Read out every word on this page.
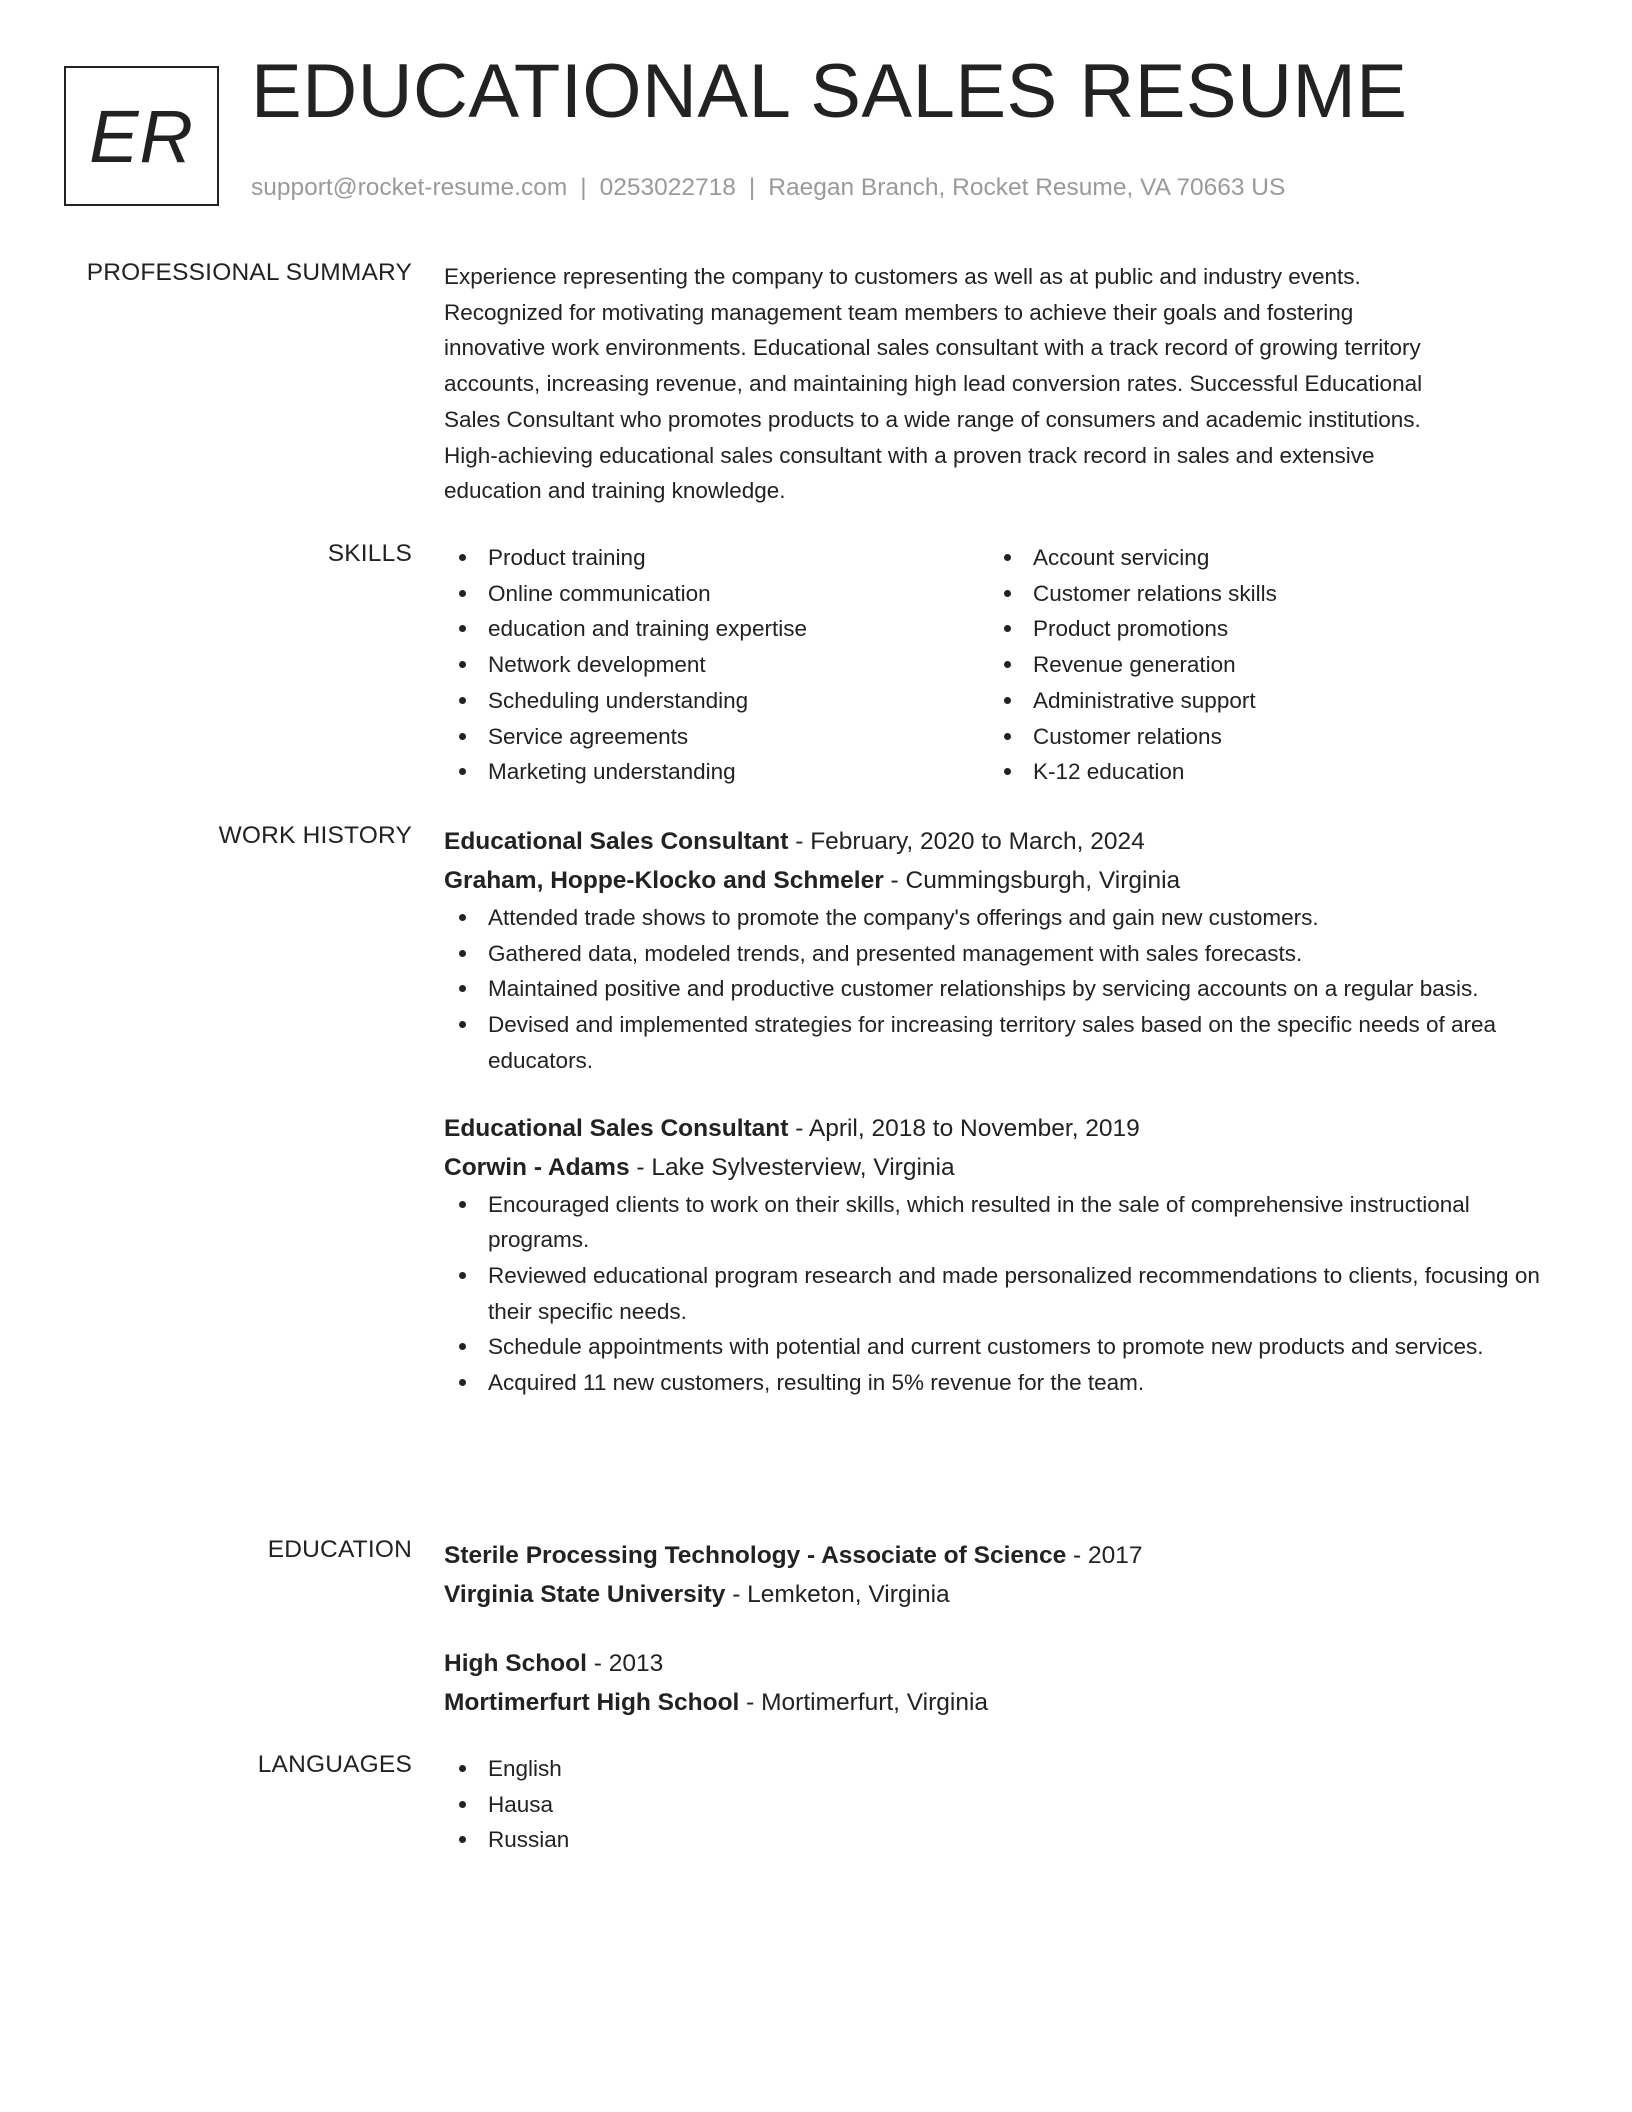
ER
EDUCATIONAL SALES RESUME
support@rocket-resume.com | 0253022718 | Raegan Branch, Rocket Resume, VA 70663 US
PROFESSIONAL SUMMARY Experience representing the company to customers as well as at public and industry events.
Recognized for motivating management team members to achieve their goals and fostering
innovative work environments. Educational sales consultant with a track record of growing territory
accounts, increasing revenue, and maintaining high lead conversion rates. Successful Educational
Sales Consultant who promotes products to a wide range of consumers and academic institutions.
High-achieving educational sales consultant with a proven track record in sales and extensive
education and training knowledge.
SKILLS	Product training
Online communication
education and training expertise
Network development
Scheduling understanding
Service agreements
Marketing understanding
Account servicing
Customer relations skills
Product promotions
Revenue generation
Administrative support
Customer relations
K-12 education
WORK HISTORY Educational Sales Consultant - February, 2020 to March, 2024
Graham, Hoppe-Klocko and Schmeler - Cummingsburgh, Virginia
Attended trade shows to promote the company's offerings and gain new customers.
Gathered data, modeled trends, and presented management with sales forecasts.
Maintained positive and productive customer relationships by servicing accounts on a regular basis.
Devised and implemented strategies for increasing territory sales based on the specific needs of area educators.
Educational Sales Consultant - April, 2018 to November, 2019
Corwin - Adams - Lake Sylvesterview, Virginia
Encouraged clients to work on their skills, which resulted in the sale of comprehensive instructional programs.
Reviewed educational program research and made personalized recommendations to clients, focusing on their specific needs.
Schedule appointments with potential and current customers to promote new products and services.
Acquired 11 new customers, resulting in 5% revenue for the team.
EDUCATION Sterile Processing Technology - Associate of Science - 2017
Virginia State University - Lemketon, Virginia
High School - 2013
Mortimerfurt High School - Mortimerfurt, Virginia
LANGUAGES	English
Hausa
Russian
